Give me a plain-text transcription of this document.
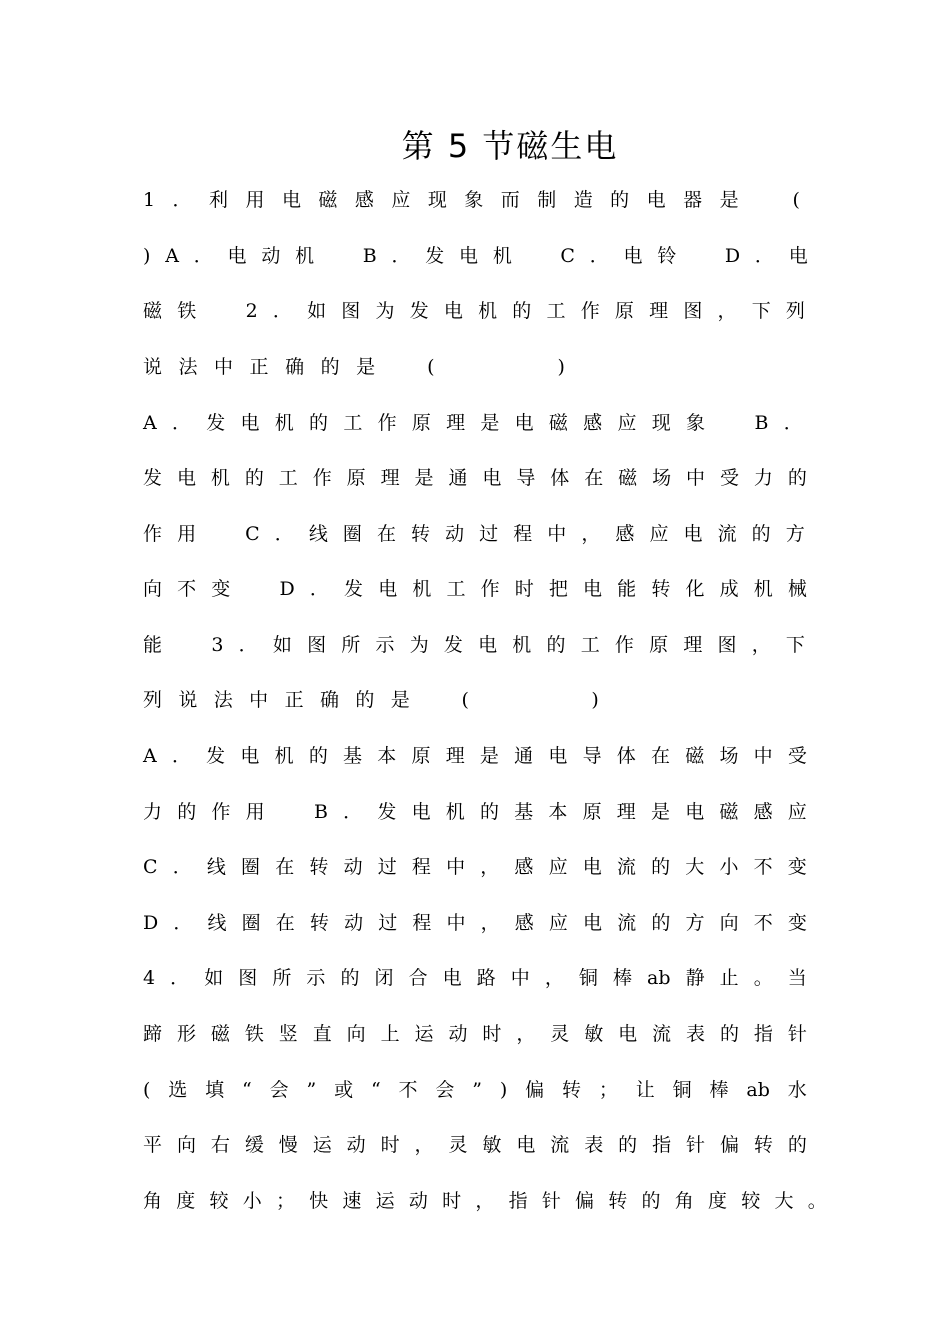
第 5 节磁生电
1 ． 利 用 电 磁 感 应 现 象 而 制 造 的 电 器 是
	(
) A ． 电 动 机
	B ． 发 电 机
	C ． 电 铃
	D ． 电
磁 铁
	2 ． 如 图 为 发 电 机 的 工 作 原 理 图 ， 下 列
说 法 中 正 确 的 是
	(

	)
A ． 发 电 机 的 工 作 原 理 是 电 磁 感 应 现 象
	B ．
发 电 机 的 工 作 原 理 是 通 电 导 体 在 磁 场 中 受 力 的
作 用
	C ． 线 圈 在 转 动 过 程 中 ， 感 应 电 流 的 方
向 不 变
	D ． 发 电 机 工 作 时 把 电 能 转 化 成 机 械
能
	3 ． 如 图 所 示 为 发 电 机 的 工 作 原 理 图 ， 下
列 说 法 中 正 确 的 是
	(

	)
A ． 发 电 机 的 基 本 原 理 是 通 电 导 体 在 磁 场 中 受
力 的 作 用
	B ． 发 电 机 的 基 本 原 理 是 电 磁 感 应
C ． 线 圈 在 转 动 过 程 中 ， 感 应 电 流 的 大 小 不 变
D ． 线 圈 在 转 动 过 程 中 ， 感 应 电 流 的 方 向 不 变
4 ． 如 图 所 示 的 闭 合 电 路 中 ， 铜 棒 ab 静 止 。 当
蹄 形 磁 铁 竖 直 向 上 运 动 时 ， 灵 敏 电 流 表 的 指 针
( 选 填 “ 会 ” 或 “ 不 会 ” ) 偏 转 ； 让 铜 棒 ab 水
平 向 右 缓 慢 运 动 时 ， 灵 敏 电 流 表 的 指 针 偏 转 的
角 度 较 小 ； 快 速 运 动 时 ， 指 针 偏 转 的 角 度 较 大 。
